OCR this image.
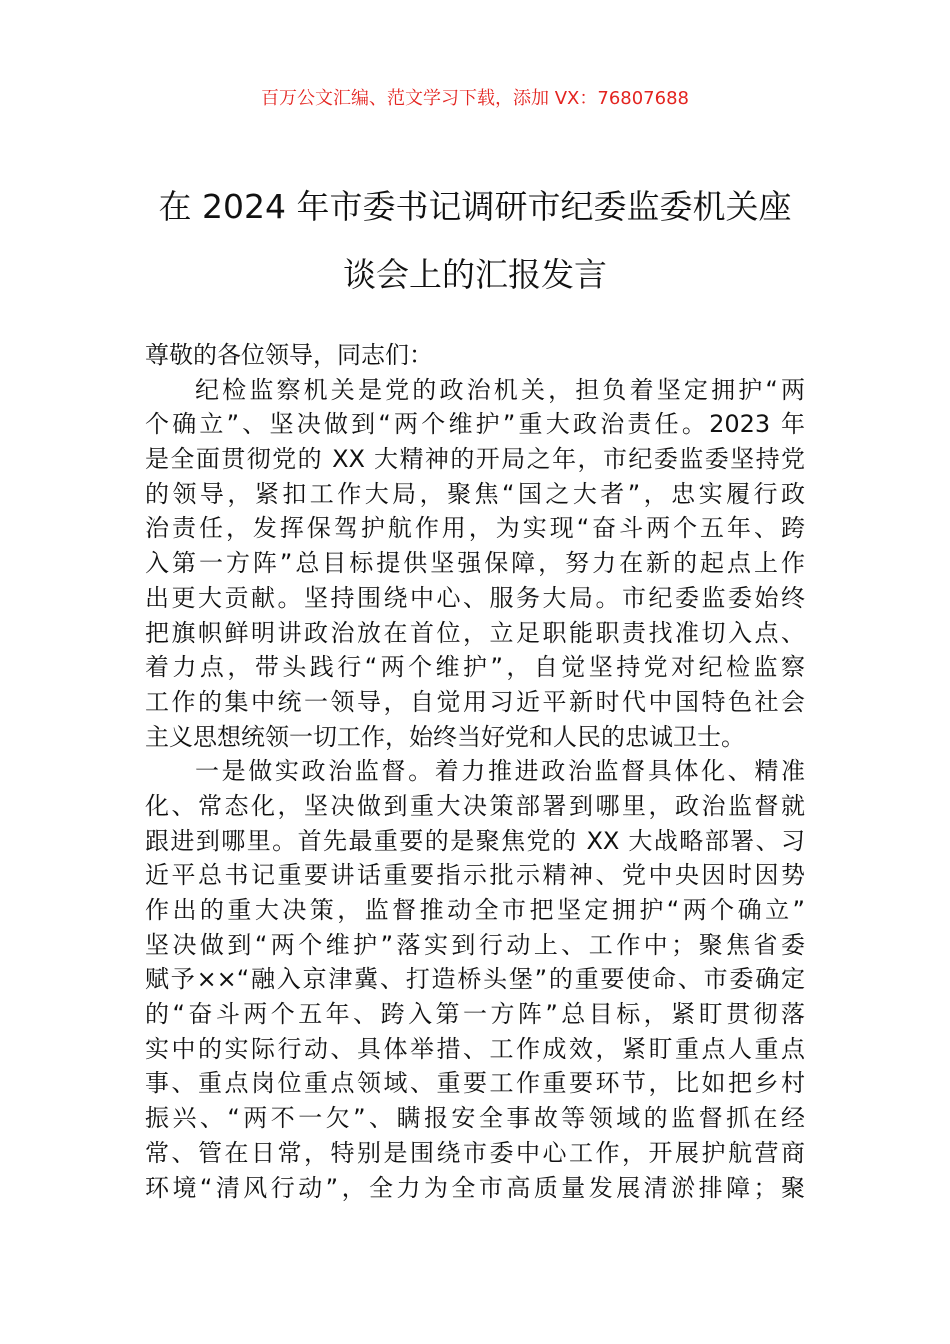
百万公文汇编、范文学习下载，添加 VX：76807688
在 2024 年市委书记调研市纪委监委机关座
谈会上的汇报发言
尊敬的各位领导，同志们：
纪检监察机关是党的政治机关，担负着坚定拥护“两
个确立”、坚决做到“两个维护”重大政治责任。2023 年
是全面贯彻党的 XX 大精神的开局之年，市纪委监委坚持党
的领导，紧扣工作大局，聚焦“国之大者”，忠实履行政
治责任，发挥保驾护航作用，为实现“奋斗两个五年、跨
入第一方阵”总目标提供坚强保障，努力在新的起点上作
出更大贡献。坚持围绕中心、服务大局。市纪委监委始终
把旗帜鲜明讲政治放在首位，立足职能职责找准切入点、
着力点，带头践行“两个维护”，自觉坚持党对纪检监察
工作的集中统一领导，自觉用习近平新时代中国特色社会
主义思想统领一切工作，始终当好党和人民的忠诚卫士。
一是做实政治监督。着力推进政治监督具体化、精准
化、常态化，坚决做到重大决策部署到哪里，政治监督就
跟进到哪里。首先最重要的是聚焦党的 XX 大战略部署、习
近平总书记重要讲话重要指示批示精神、党中央因时因势
作出的重大决策，监督推动全市把坚定拥护“两个确立”
坚决做到“两个维护”落实到行动上、工作中；聚焦省委
赋予××“融入京津冀、打造桥头堡”的重要使命、市委确定
的“奋斗两个五年、跨入第一方阵”总目标，紧盯贯彻落
实中的实际行动、具体举措、工作成效，紧盯重点人重点
事、重点岗位重点领域、重要工作重要环节，比如把乡村
振兴、“两不一欠”、瞒报安全事故等领域的监督抓在经
常、管在日常，特别是围绕市委中心工作，开展护航营商
环境“清风行动”，全力为全市高质量发展清淤排障；聚
